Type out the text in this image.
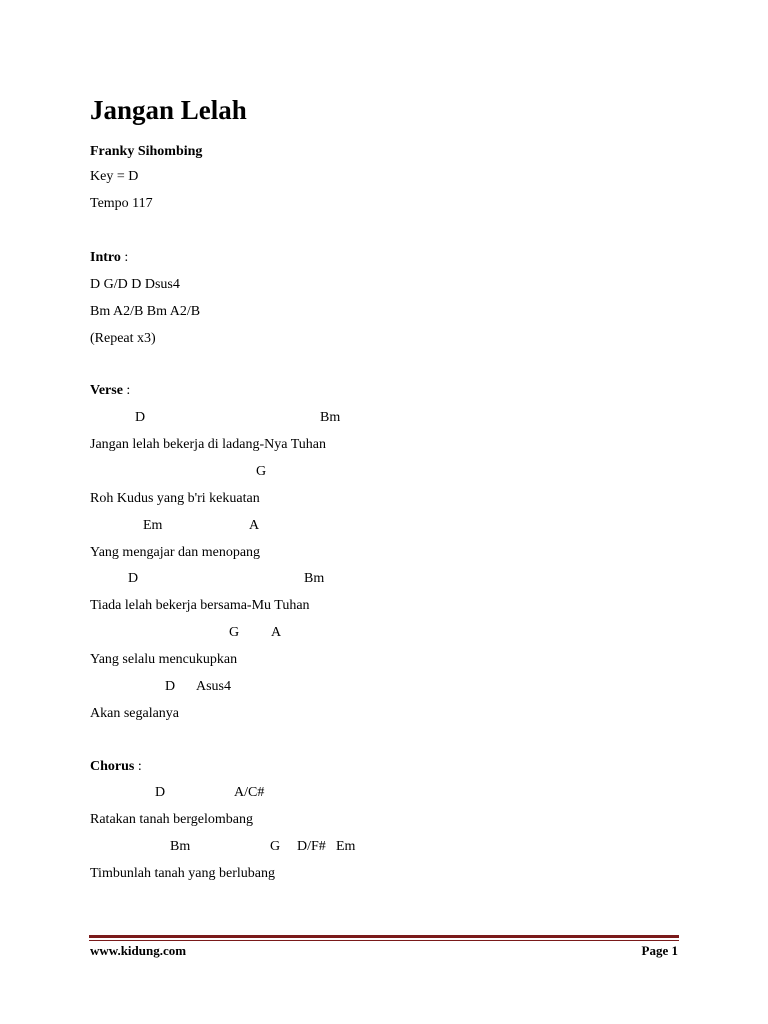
Jangan Lelah
Franky Sihombing
Key = D
Tempo 117
Intro :
D G/D D Dsus4
Bm A2/B Bm A2/B
(Repeat x3)
Verse :
D	Bm
Jangan lelah bekerja di ladang-Nya Tuhan
G
Roh Kudus yang b'ri kekuatan
Em	A
Yang mengajar dan menopang
D	Bm
Tiada lelah bekerja bersama-Mu Tuhan
G A
Yang selalu mencukupkan
D Asus4
Akan segalanya
Chorus :
D	A/C#
Ratakan tanah bergelombang
Bm	G D/F# Em
Timbunlah tanah yang berlubang
www.kidung.com	Page 1
